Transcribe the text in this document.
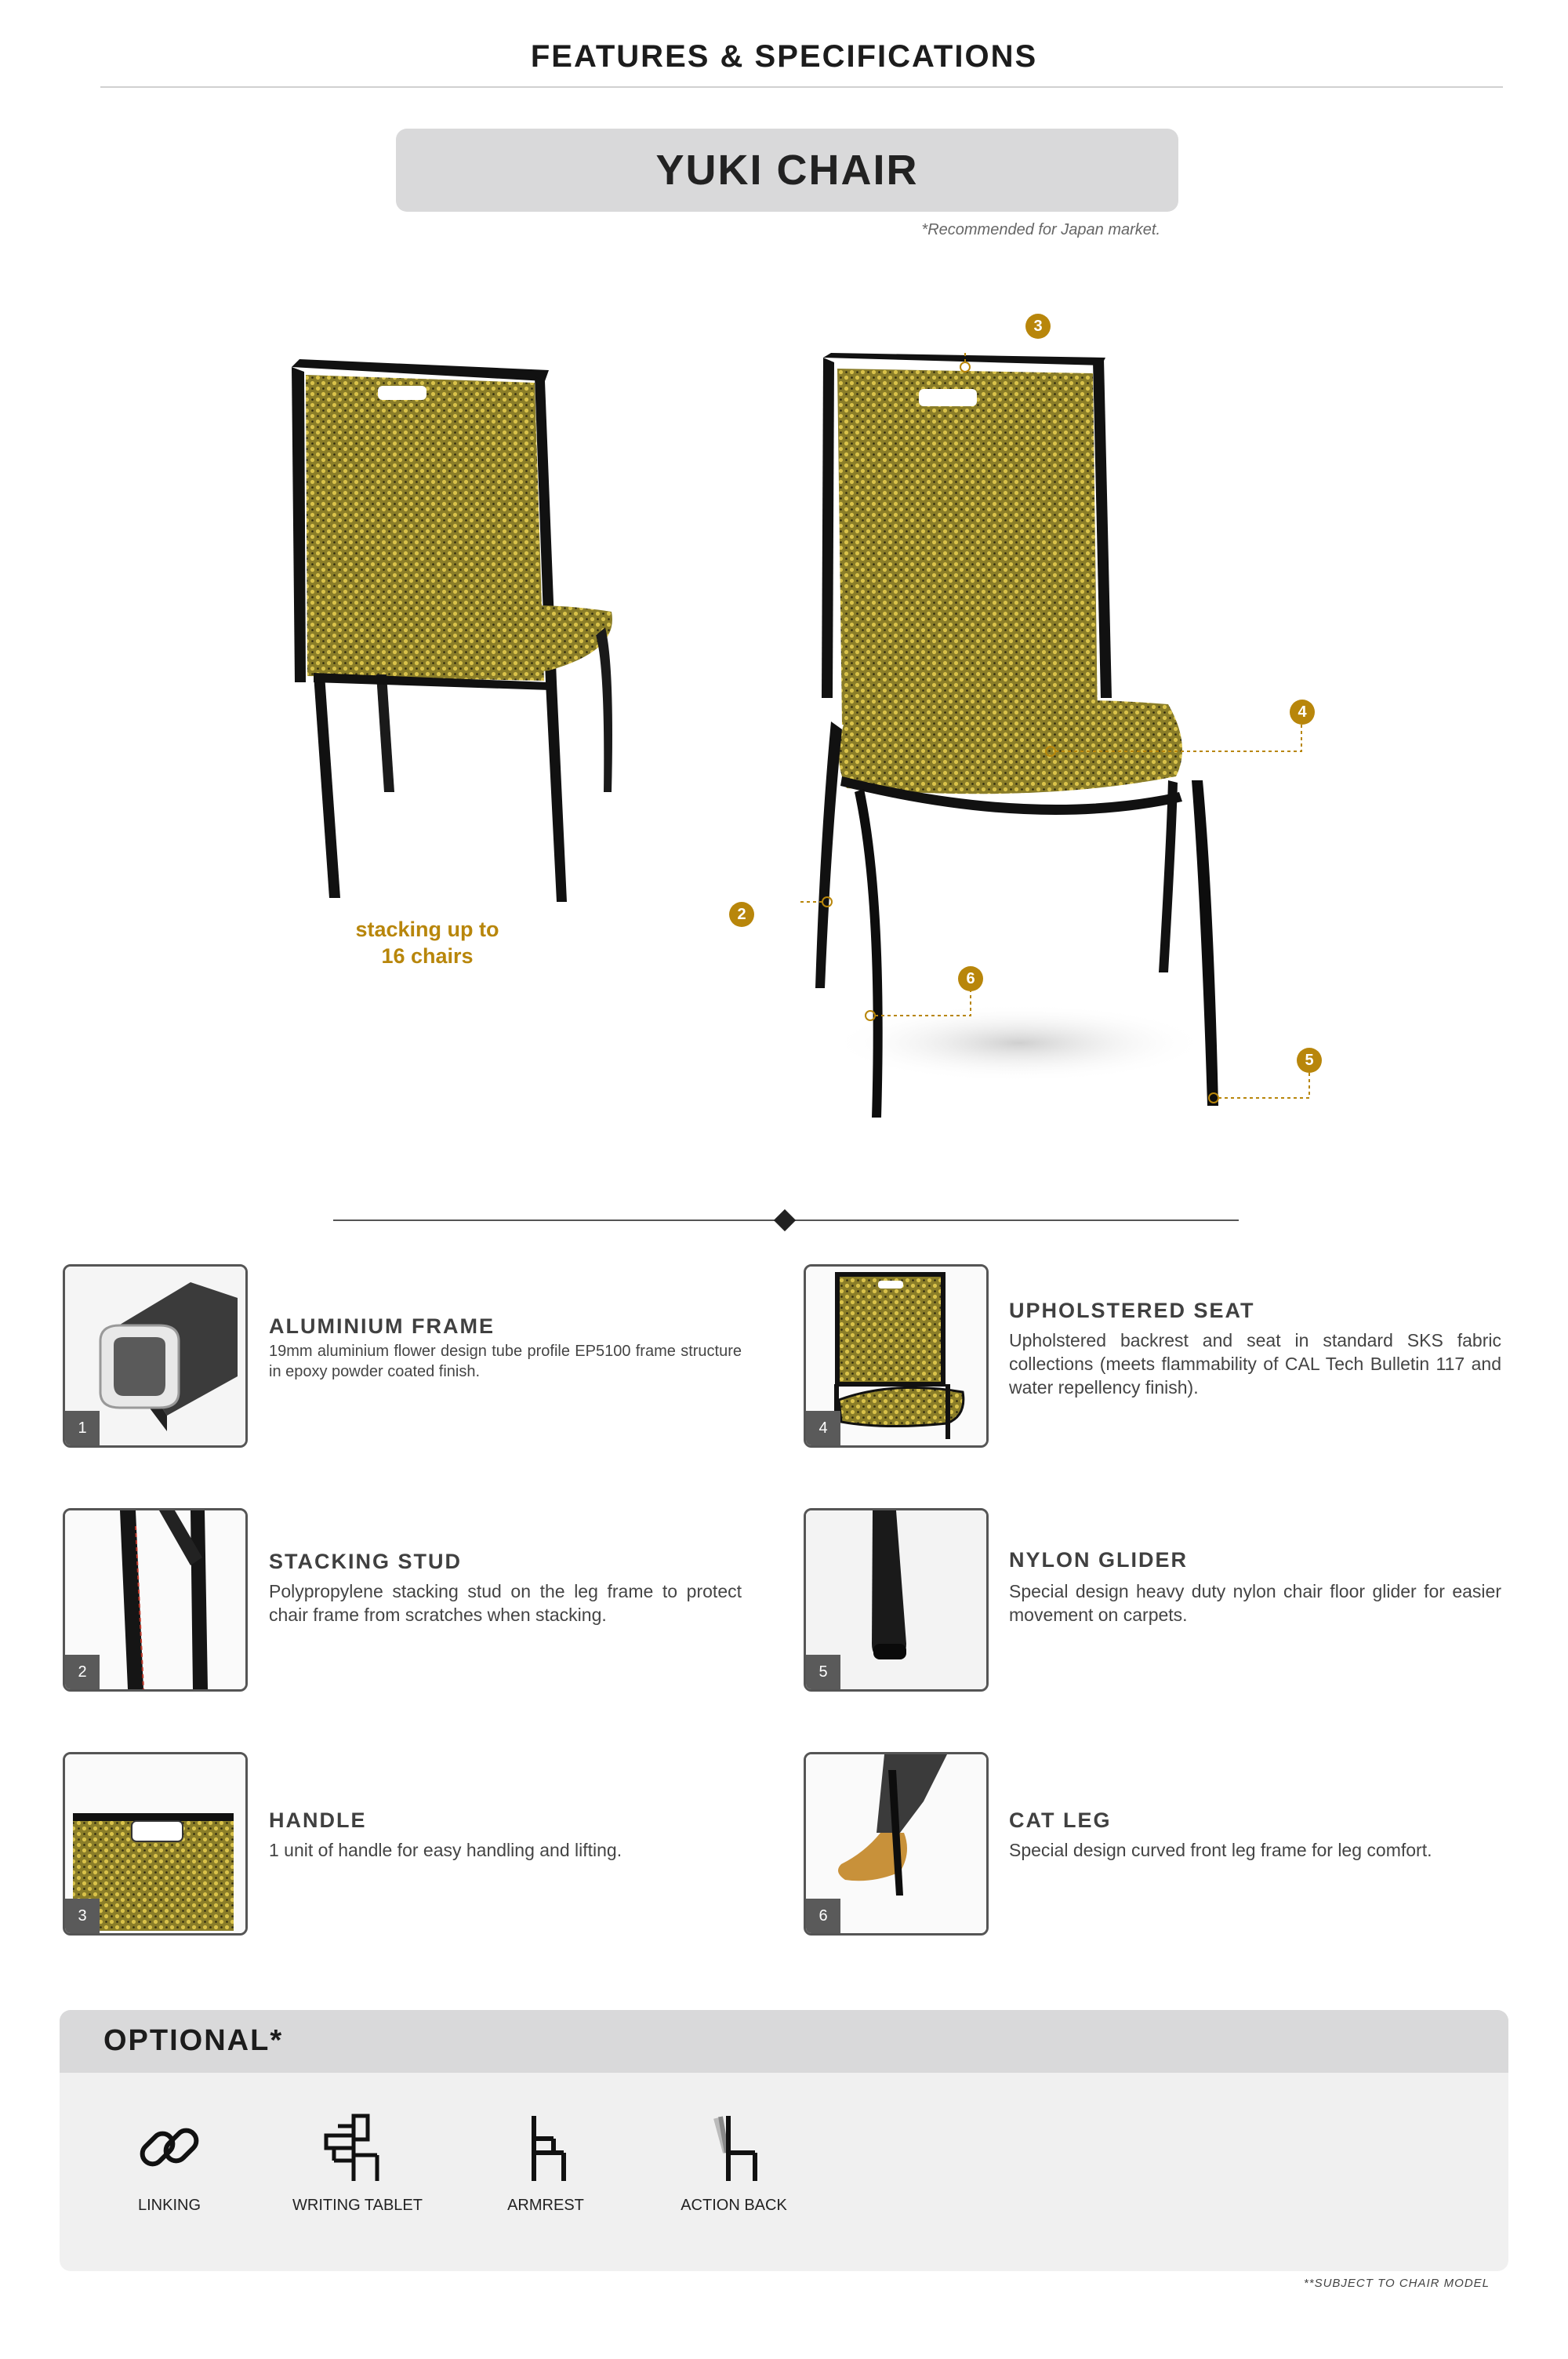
FEATURES & SPECIFICATIONS
YUKI CHAIR
*Recommended for Japan market.
stacking up to
16 chairs
3
4
2
6
5
1
ALUMINIUM FRAME
19mm aluminium flower design tube profile EP5100 frame structure in epoxy powder coated finish.
2
STACKING STUD
Polypropylene stacking stud on the leg frame to protect chair frame from scratches when stacking.
3
HANDLE
1 unit of handle for easy handling and lifting.
4
UPHOLSTERED SEAT
Upholstered backrest and seat in standard SKS fabric collections (meets flammability of CAL Tech Bulletin 117 and water repellency finish).
5
NYLON GLIDER
Special design heavy duty nylon chair floor glider for easier movement on carpets.
6
CAT LEG
Special design curved front leg frame for leg comfort.
OPTIONAL*
LINKING	WRITING TABLET	ARMREST	ACTION BACK
**SUBJECT TO CHAIR MODEL
